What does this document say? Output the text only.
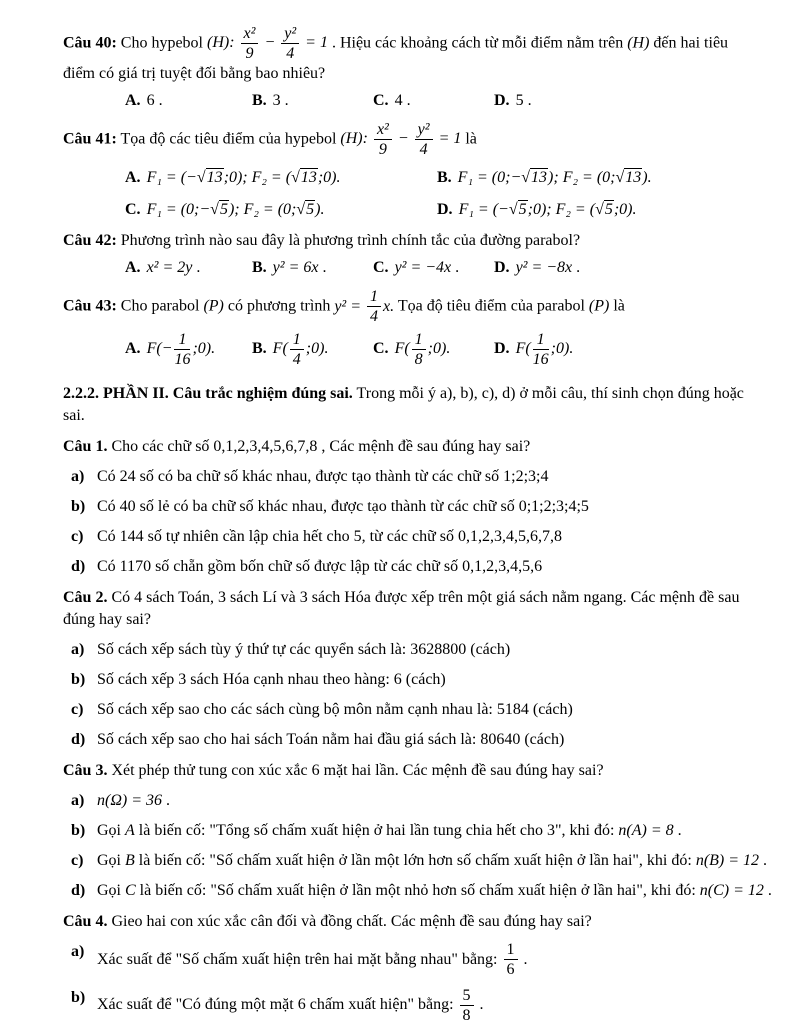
Câu 40: Cho hypebol (H): $\frac{\text{x²}}{9} - \frac{\text{y²}}{4} = 1$ . Hiệu các khoảng cách từ mỗi điểm nằm trên (H) đến hai tiêu điểm có giá trị tuyệt đối bằng bao nhiêu?

A. 6 .	B. 3 .	C. 4 .	D. 5 .

Câu 41: Tọa độ các tiêu điểm của hypebol (H): $\frac{\text{x²}}{9} - \frac{\text{y²}}{4} = 1$ là

A. F₁ = (−√13;0); F₂ = (√13;0).	B. F₁ = (0;−√13); F₂ = (0;√13).
C. F₁ = (0;−√5); F₂ = (0;√5).	D. F₁ = (−√5;0); F₂ = (√5;0).

Câu 42: Phương trình nào sau đây là phương trình chính tắc của đường parabol?

A. x² = 2y .	B. y² = 6x .	C. y² = −4x .	D. y² = −8x .

Câu 43: Cho parabol (P) có phương trình $y^2 = \frac{1}{4} x$. Tọa độ tiêu điểm của parabol (P) là

A. $F(- \frac{1}{16}$ ;0).	B. $F( \frac{1}{4}$ ;0).	C. $F( \frac{1}{8}$ ;0).	D. $F( \frac{1}{16}$ ;0).

2.2.2. PHẦN II. Câu trắc nghiệm đúng sai. Trong mỗi ý a), b), c), d) ở mỗi câu, thí sinh chọn đúng hoặc sai.

Câu 1. Cho các chữ số 0,1,2,3,4,5,6,7,8 , Các mệnh đề sau đúng hay sai?

a) Có 24 số có ba chữ số khác nhau, được tạo thành từ các chữ số 1;2;3;4
b) Có 40 số lẻ có ba chữ số khác nhau, được tạo thành từ các chữ số 0;1;2;3;4;5
c) Có 144 số tự nhiên cần lập chia hết cho 5, từ các chữ số 0,1,2,3,4,5,6,7,8
d) Có 1170 số chẵn gồm bốn chữ số được lập từ các chữ số 0,1,2,3,4,5,6

Câu 2. Có 4 sách Toán, 3 sách Lí và 3 sách Hóa được xếp trên một giá sách nằm ngang. Các mệnh đề sau đúng hay sai?

a) Số cách xếp sách tùy ý thứ tự các quyển sách là: 3628800 (cách)
b) Số cách xếp 3 sách Hóa cạnh nhau theo hàng: 6 (cách)
c) Số cách xếp sao cho các sách cùng bộ môn nằm cạnh nhau là: 5184 (cách)
d) Số cách xếp sao cho hai sách Toán nằm hai đầu giá sách là: 80640 (cách)

Câu 3. Xét phép thử tung con xúc xắc 6 mặt hai lần. Các mệnh đề sau đúng hay sai?

a) n(Ω) = 36 .
b) Gọi A là biến cố: "Tổng số chấm xuất hiện ở hai lần tung chia hết cho 3", khi đó: n(A) = 8 .
c) Gọi B là biến cố: "Số chấm xuất hiện ở lần một lớn hơn số chấm xuất hiện ở lần hai", khi đó: n(B) = 12 .
d) Gọi C là biến cố: "Số chấm xuất hiện ở lần một nhỏ hơn số chấm xuất hiện ở lần hai", khi đó: n(C) = 12 .

Câu 4. Gieo hai con xúc xắc cân đối và đồng chất. Các mệnh đề sau đúng hay sai?

a) Xác suất để "Số chấm xuất hiện trên hai mặt bằng nhau" bằng: $\frac{1}{6}$ .
b) Xác suất để "Có đúng một mặt 6 chấm xuất hiện" bằng: $\frac{5}{8}$ .
